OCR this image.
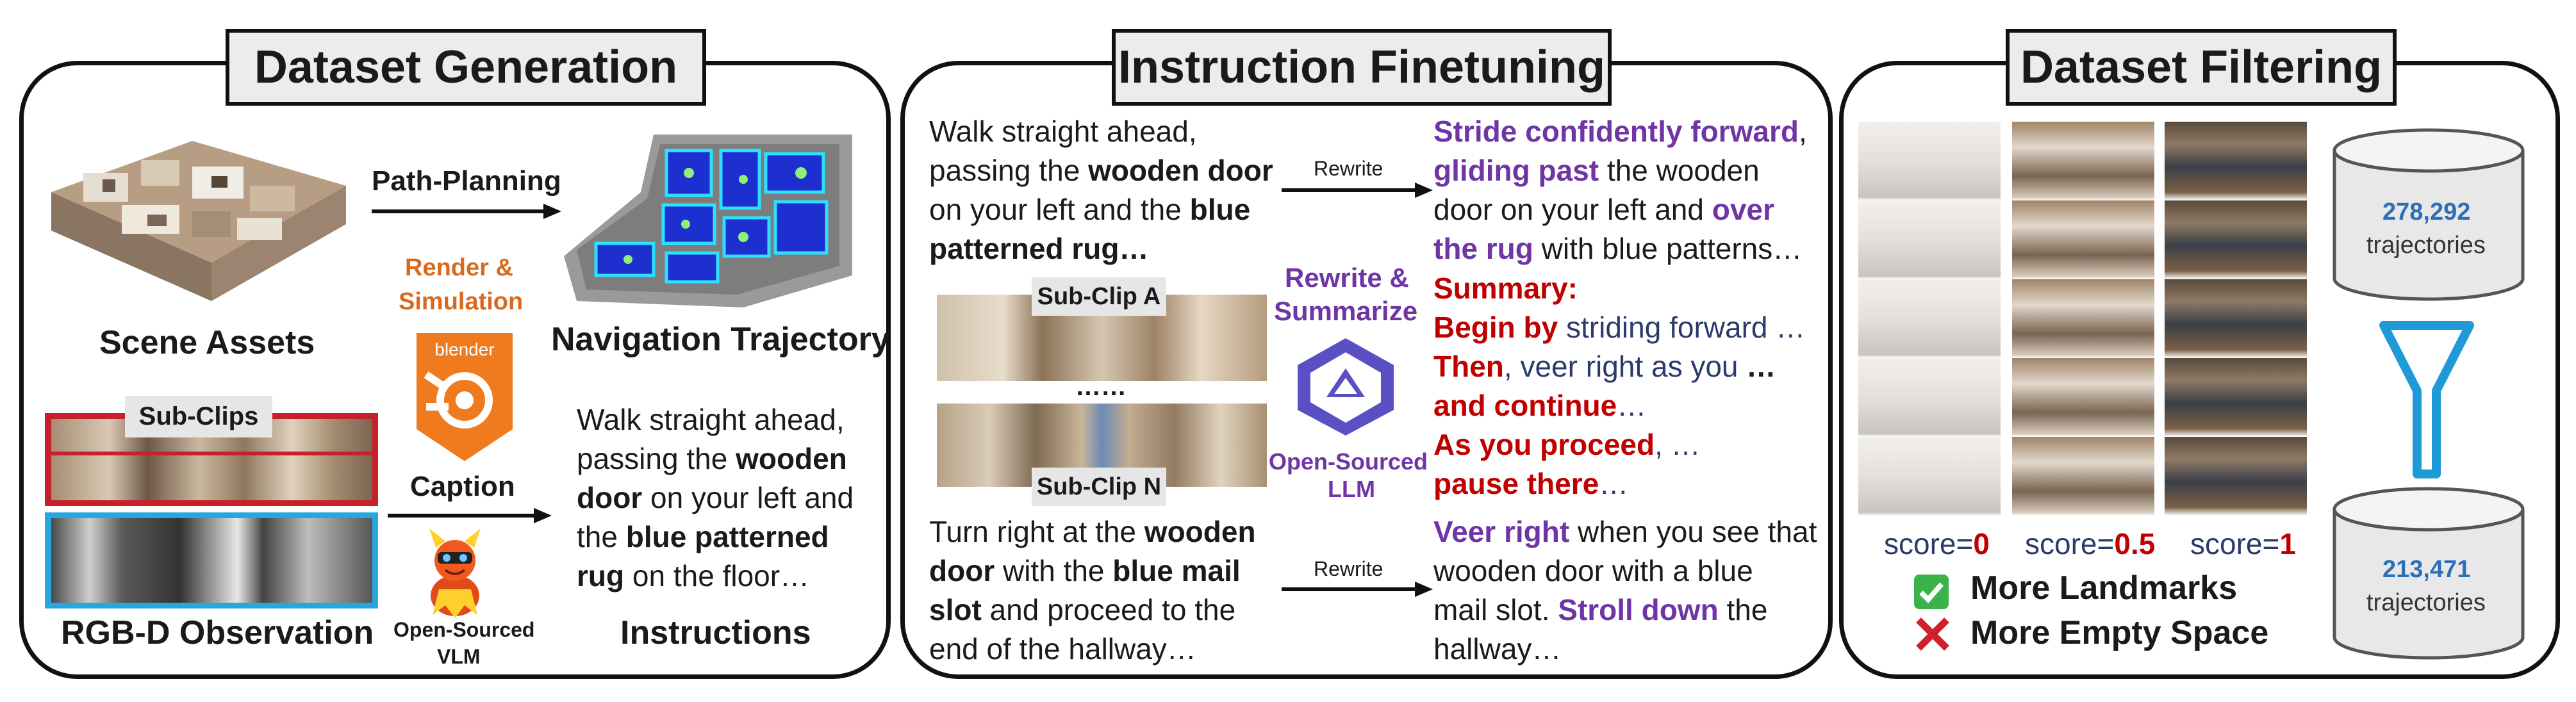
Dataset Generation
Scene Assets
Path-Planning
Navigation Trajectory
Render &
Simulation
blender
Caption
Open-Sourced
VLM
Sub-Clips
RGB-D Observation
Walk straight ahead,
passing the wooden
door on your left and
the blue patterned
rug on the floor…
Instructions
Instruction Finetuning
Walk straight ahead,
passing the wooden door
on your left and the blue
patterned rug…
Rewrite
Stride confidently forward,
gliding past the wooden
door on your left and over
the rug with blue patterns…
Sub-Clip A
……
Sub-Clip N
Rewrite &
Summarize
Open-Sourced
LLM
Summary:
Begin by striding forward …
Then, veer right as you …
and continue…
As you proceed, …
pause there…
Turn right at the wooden
door with the blue mail
slot and proceed to the
end of the hallway…
Rewrite
Veer right when you see that
wooden door with a blue
mail slot. Stroll down the
hallway…
Dataset Filtering
score=0 score=0.5 score=1
More Landmarks
More Empty Space
278,292
trajectories
213,471
trajectories
